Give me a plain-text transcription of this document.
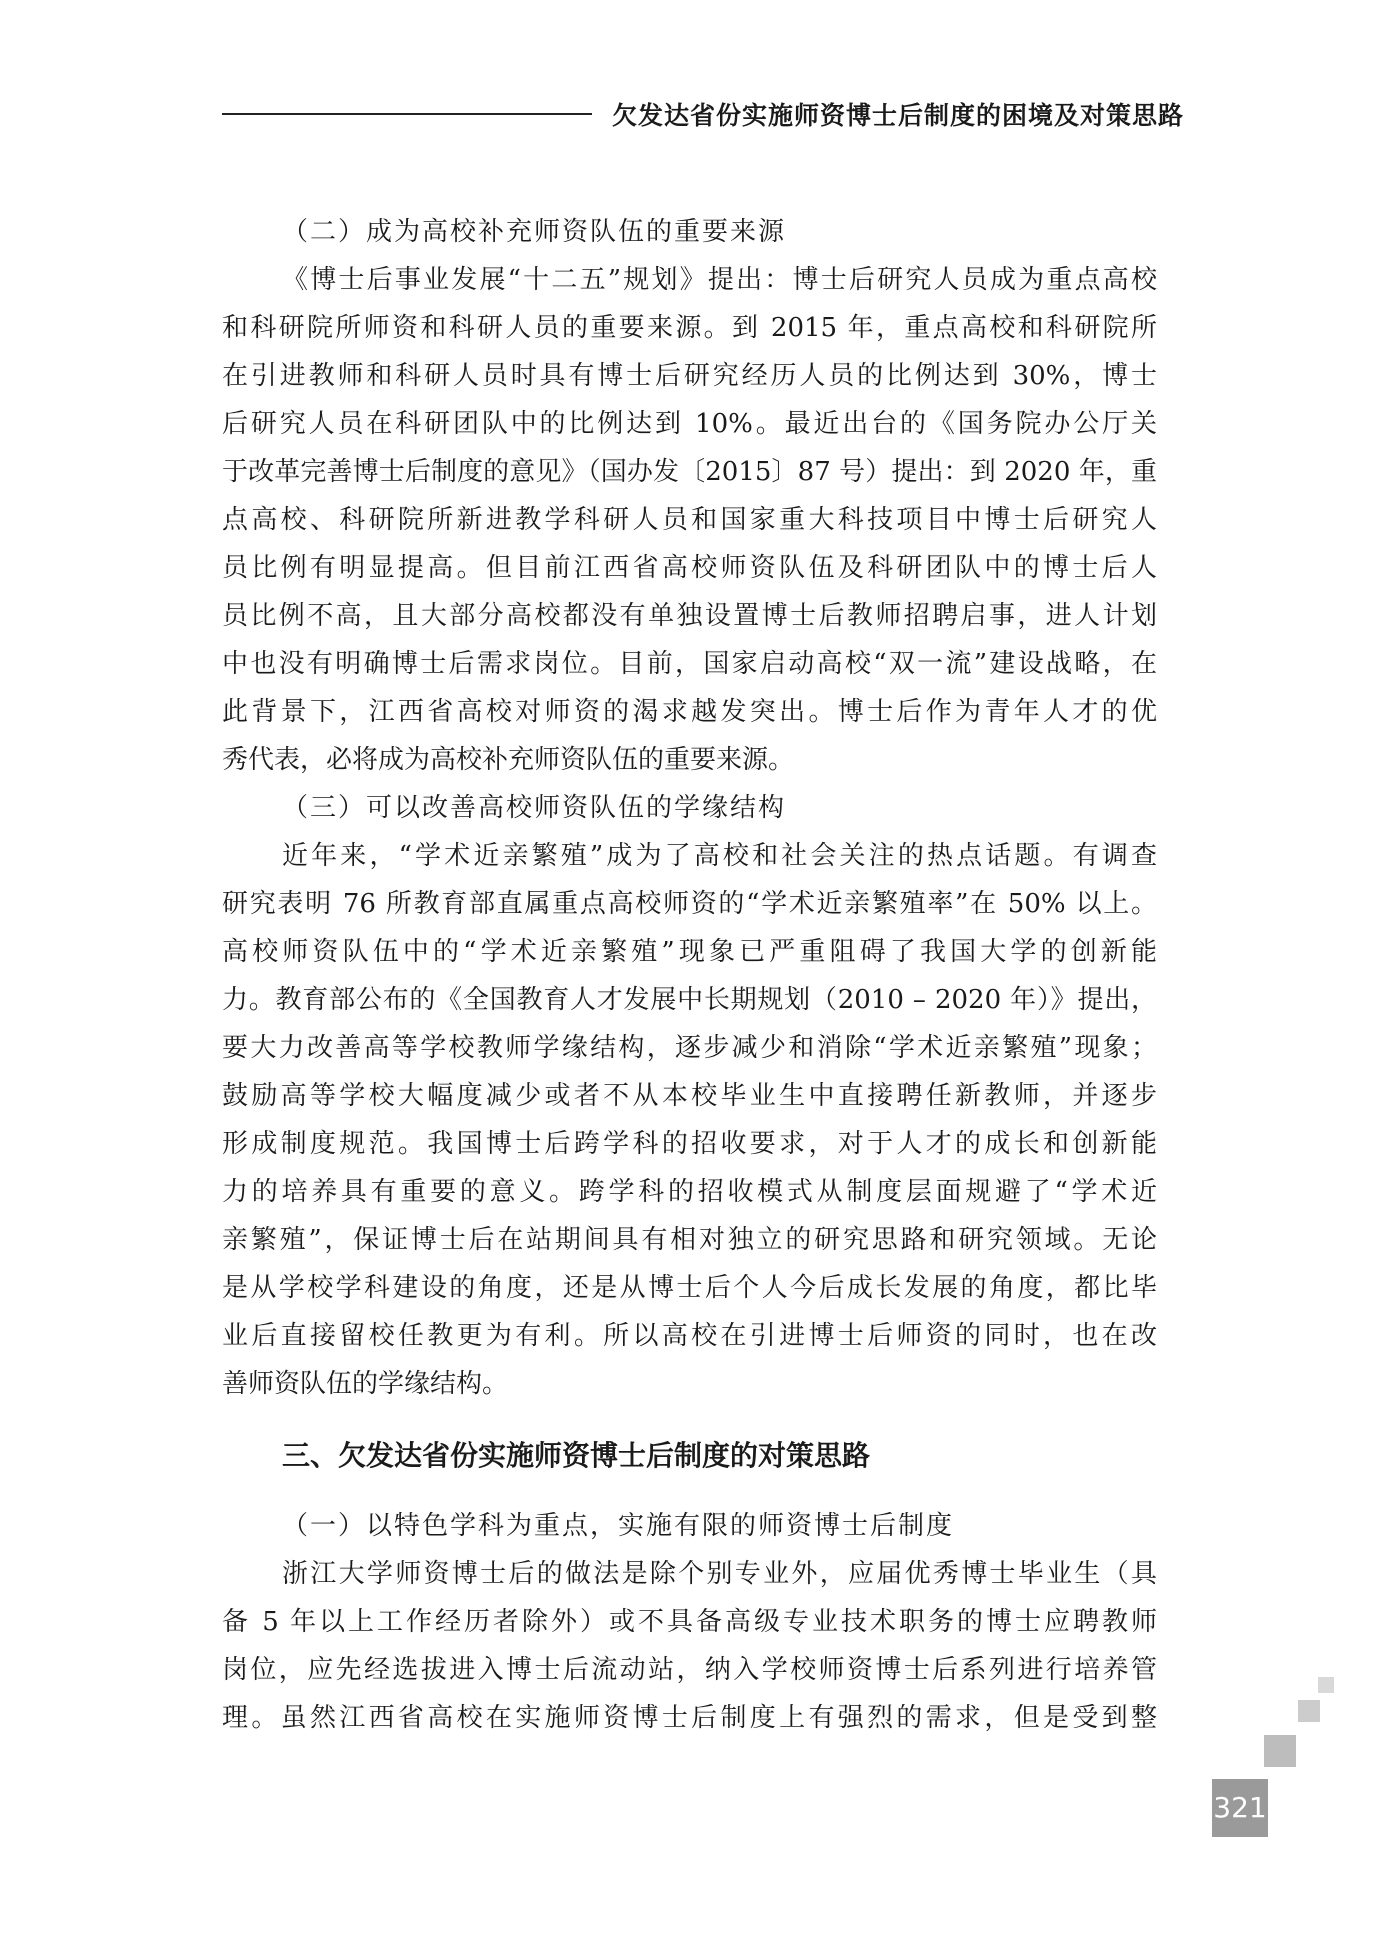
欠发达省份实施师资博士后制度的困境及对策思路

（二）成为高校补充师资队伍的重要来源

《博士后事业发展“十二五”规划》提出：博士后研究人员成为重点高校

和科研院所师资和科研人员的重要来源。到 2015 年，重点高校和科研院所

在引进教师和科研人员时具有博士后研究经历人员的比例达到 30%，博士

后研究人员在科研团队中的比例达到 10%。最近出台的《国务院办公厅关

于改革完善博士后制度的意见》（国办发〔2015〕87 号）提出：到 2020 年，重

点高校、科研院所新进教学科研人员和国家重大科技项目中博士后研究人

员比例有明显提高。但目前江西省高校师资队伍及科研团队中的博士后人

员比例不高，且大部分高校都没有单独设置博士后教师招聘启事，进人计划

中也没有明确博士后需求岗位。目前，国家启动高校“双一流”建设战略，在

此背景下，江西省高校对师资的渴求越发突出。博士后作为青年人才的优

秀代表，必将成为高校补充师资队伍的重要来源。

（三）可以改善高校师资队伍的学缘结构

近年来，“学术近亲繁殖”成为了高校和社会关注的热点话题。有调查

研究表明 76 所教育部直属重点高校师资的“学术近亲繁殖率”在 50% 以上。

高校师资队伍中的“学术近亲繁殖”现象已严重阻碍了我国大学的创新能

力。教育部公布的《全国教育人才发展中长期规划（2010 – 2020 年）》提出，

要大力改善高等学校教师学缘结构，逐步减少和消除“学术近亲繁殖”现象；

鼓励高等学校大幅度减少或者不从本校毕业生中直接聘任新教师，并逐步

形成制度规范。我国博士后跨学科的招收要求，对于人才的成长和创新能

力的培养具有重要的意义。跨学科的招收模式从制度层面规避了“学术近

亲繁殖”，保证博士后在站期间具有相对独立的研究思路和研究领域。无论

是从学校学科建设的角度，还是从博士后个人今后成长发展的角度，都比毕

业后直接留校任教更为有利。所以高校在引进博士后师资的同时，也在改

善师资队伍的学缘结构。

三、欠发达省份实施师资博士后制度的对策思路

（一）以特色学科为重点，实施有限的师资博士后制度

浙江大学师资博士后的做法是除个别专业外，应届优秀博士毕业生（具

备 5 年以上工作经历者除外）或不具备高级专业技术职务的博士应聘教师

岗位，应先经选拔进入博士后流动站，纳入学校师资博士后系列进行培养管

理。虽然江西省高校在实施师资博士后制度上有强烈的需求，但是受到整

321
